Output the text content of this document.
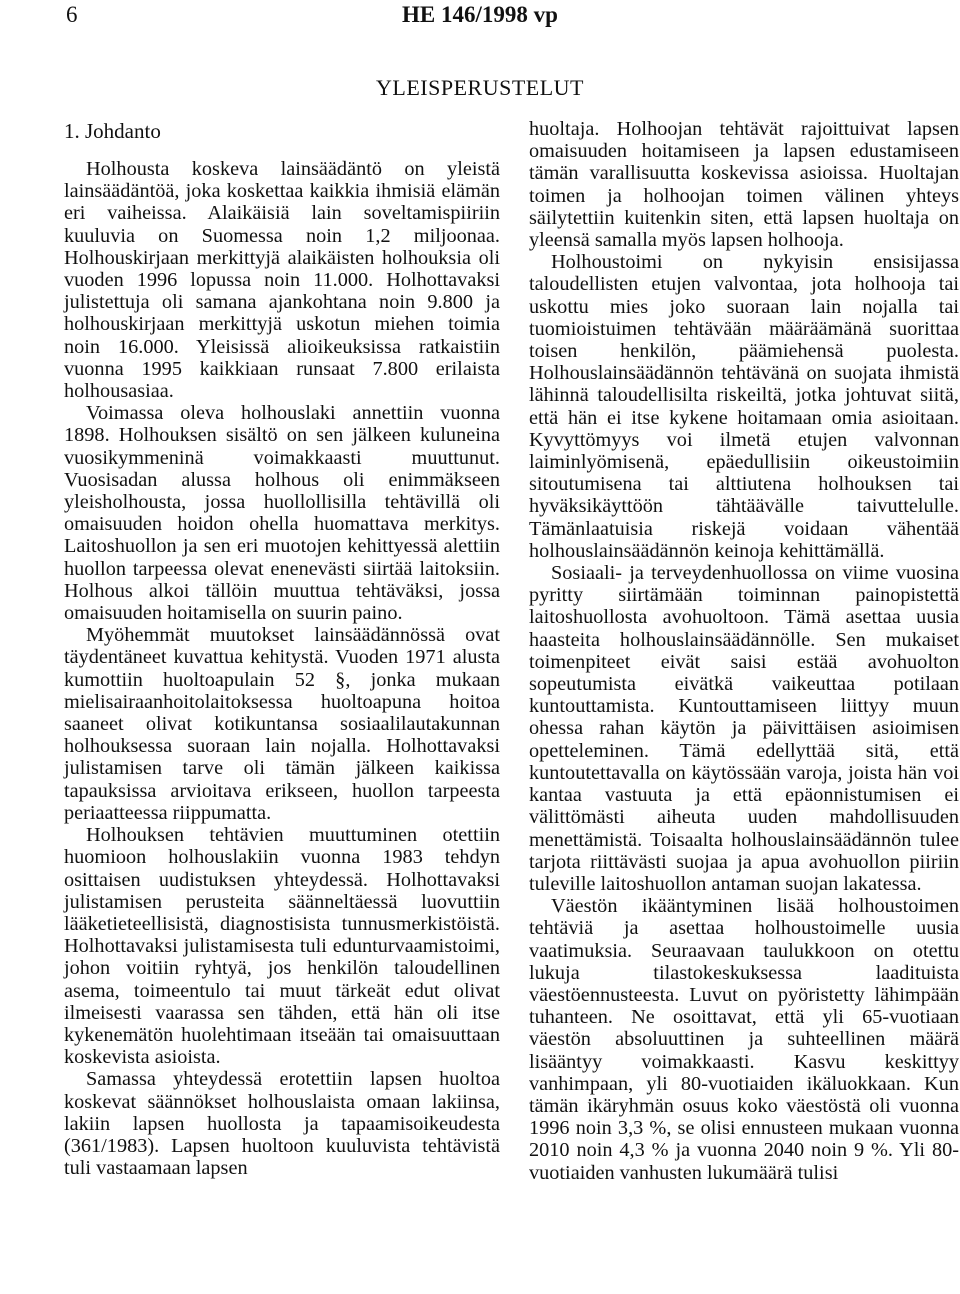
6	HE 146/1998 vp
YLEISPERUSTELUT
1. Johdanto

Holhousta koskeva lainsäädäntö on yleistä lainsäädäntöä, joka koskettaa kaikkia ihmisiä elämän eri vaiheissa. Alaikäisiä lain soveltamispiiriin kuuluvia on Suomessa noin 1,2 miljoonaa. Holhouskirjaan merkittyjä alaikäisten holhouksia oli vuoden 1996 lopussa noin 11.000. Holhottavaksi julistettuja oli samana ajankohtana noin 9.800 ja holhouskirjaan merkittyjä uskotun miehen toimia noin 16.000. Yleisissä alioikeuksissa ratkaistiin vuonna 1995 kaikkiaan runsaat 7.800 erilaista holhousasiaa.

Voimassa oleva holhouslaki annettiin vuonna 1898. Holhouksen sisältö on sen jälkeen kuluneina vuosikymmeninä voimakkaasti muuttunut. Vuosisadan alussa holhous oli enimmäkseen yleisholhousta, jossa huollollisilla tehtävillä oli omaisuuden hoidon ohella huomattava merkitys. Laitoshuollon ja sen eri muotojen kehittyessä alettiin huollon tarpeessa olevat enenevästi siirtää laitoksiin. Holhous alkoi tällöin muuttua tehtäväksi, jossa omaisuuden hoitamisella on suurin paino.

Myöhemmät muutokset lainsäädännössä ovat täydentäneet kuvattua kehitystä. Vuoden 1971 alusta kumottiin huoltoapulain 52 §, jonka mukaan mielisairaanhoitolaitoksessa huoltoapuna hoitoa saaneet olivat kotikuntansa sosiaalilautakunnan holhouksessa suoraan lain nojalla. Holhottavaksi julistamisen tarve oli tämän jälkeen kaikissa tapauksissa arvioitava erikseen, huollon tarpeesta periaatteessa riippumatta.

Holhouksen tehtävien muuttuminen otettiin huomioon holhouslakiin vuonna 1983 tehdyn osittaisen uudistuksen yhteydessä. Holhottavaksi julistamisen perusteita säänneltäessä luovuttiin lääketieteellisistä, diagnostisista tunnusmerkistöistä. Holhottavaksi julistamisesta tuli edunturvaamistoimi, johon voitiin ryhtyä, jos henkilön taloudellinen asema, toimeentulo tai muut tärkeät edut olivat ilmeisesti vaarassa sen tähden, että hän oli itse kykenemätön huolehtimaan itseään tai omaisuuttaan koskevista asioista.

Samassa yhteydessä erotettiin lapsen huoltoa koskevat säännökset holhouslaista omaan lakiinsa, lakiin lapsen huollosta ja tapaamisoikeudesta (361/1983). Lapsen huoltoon kuuluvista tehtävistä tuli vastaamaan lapsen

huoltaja. Holhoojan tehtävät rajoittuivat lapsen omaisuuden hoitamiseen ja lapsen edustamiseen tämän varallisuutta koskevissa asioissa. Huoltajan toimen ja holhoojan toimen välinen yhteys säilytettiin kuitenkin siten, että lapsen huoltaja on yleensä samalla myös lapsen holhooja.

Holhoustoimi on nykyisin ensisijassa taloudellisten etujen valvontaa, jota holhooja tai uskottu mies joko suoraan lain nojalla tai tuomioistuimen tehtävään määräämänä suorittaa toisen henkilön, päämiehensä puolesta. Holhouslainsäädännön tehtävänä on suojata ihmistä lähinnä taloudellisilta riskeiltä, jotka johtuvat siitä, että hän ei itse kykene hoitamaan omia asioitaan. Kyvyttömyys voi ilmetä etujen valvonnan laiminlyömisenä, epäedullisiin oikeustoimiin sitoutumisena tai alttiutena holhouksen tai hyväksikäyttöön tähtäävälle taivuttelulle. Tämänlaatuisia riskejä voidaan vähentää holhouslainsäädännön keinoja kehittämällä.

Sosiaali- ja terveydenhuollossa on viime vuosina pyritty siirtämään toiminnan painopistettä laitoshuollosta avohuoltoon. Tämä asettaa uusia haasteita holhouslainsäädännölle. Sen mukaiset toimenpiteet eivät saisi estää avohuolton sopeutumista eivätkä vaikeuttaa potilaan kuntouttamista. Kuntouttamiseen liittyy muun ohessa rahan käytön ja päivittäisen asioimisen opetteleminen. Tämä edellyttää sitä, että kuntoutettavalla on käytössään varoja, joista hän voi kantaa vastuuta ja että epäonnistumisen ei välittömästi aiheuta uuden mahdollisuuden menettämistä. Toisaalta holhouslainsäädännön tulee tarjota riittävästi suojaa ja apua avohuollon piiriin tuleville laitoshuollon antaman suojan lakatessa.

Väestön ikääntyminen lisää holhoustoimen tehtäviä ja asettaa holhoustoimelle uusia vaatimuksia. Seuraavaan taulukkoon on otettu lukuja tilastokeskuksessa laadituista väestöennusteesta. Luvut on pyöristetty lähimpään tuhanteen. Ne osoittavat, että yli 65-vuotiaan väestön absoluuttinen ja suhteellinen määrä lisääntyy voimakkaasti. Kasvu keskittyy vanhimpaan, yli 80-vuotiaiden ikäluokkaan. Kun tämän ikäryhmän osuus koko väestöstä oli vuonna 1996 noin 3,3 %, se olisi ennusteen mukaan vuonna 2010 noin 4,3 % ja vuonna 2040 noin 9 %. Yli 80-vuotiaiden vanhusten lukumäärä tulisi
